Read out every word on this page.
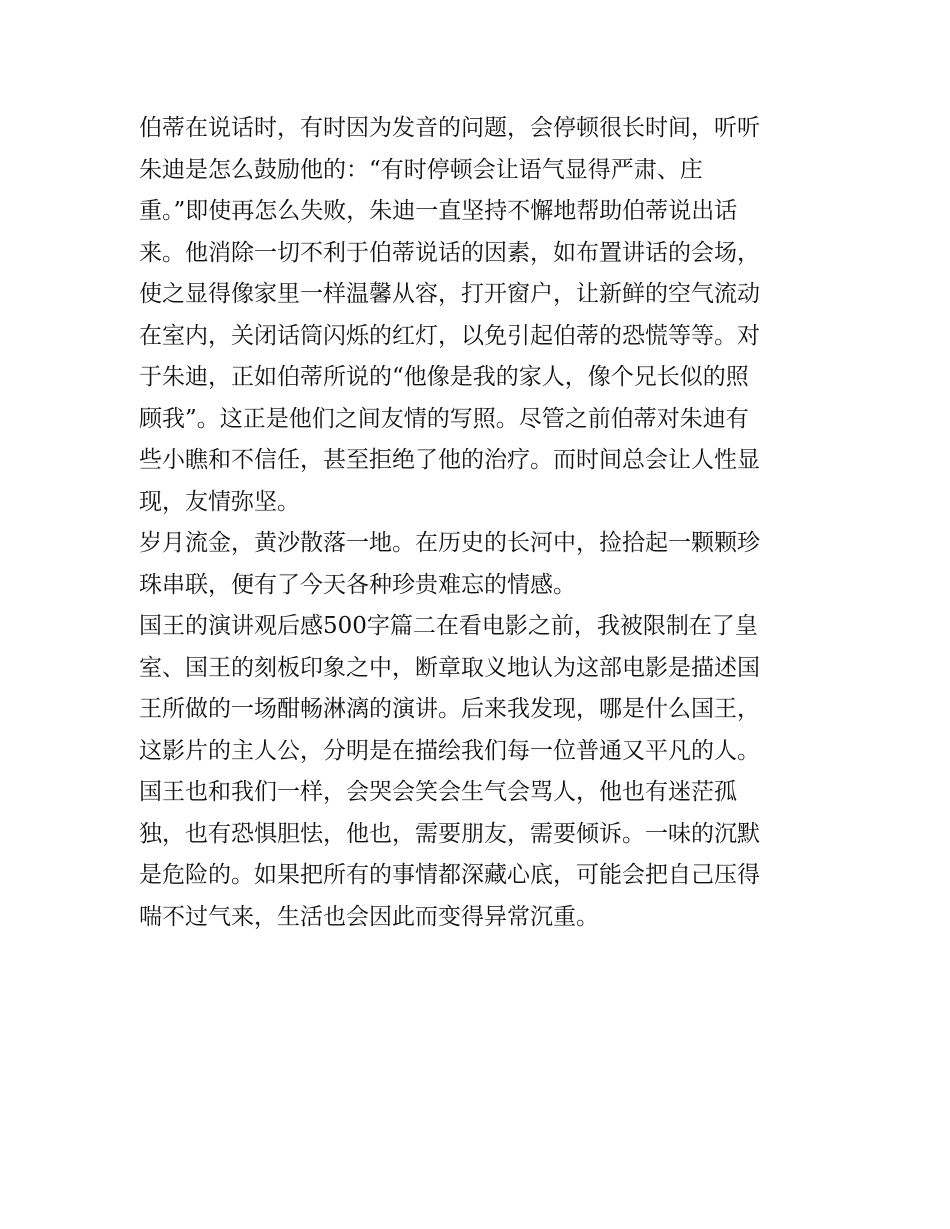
伯蒂在说话时，有时因为发音的问题，会停顿很长时间，听听
朱迪是怎么鼓励他的：“有时停顿会让语气显得严肃、庄
重。”即使再怎么失败，朱迪一直坚持不懈地帮助伯蒂说出话
来。他消除一切不利于伯蒂说话的因素，如布置讲话的会场，
使之显得像家里一样温馨从容，打开窗户，让新鲜的空气流动
在室内，关闭话筒闪烁的红灯，以免引起伯蒂的恐慌等等。对
于朱迪，正如伯蒂所说的“他像是我的家人，像个兄长似的照
顾我”。这正是他们之间友情的写照。尽管之前伯蒂对朱迪有
些小瞧和不信任，甚至拒绝了他的治疗。而时间总会让人性显
现，友情弥坚。
岁月流金，黄沙散落一地。在历史的长河中，捡拾起一颗颗珍
珠串联，便有了今天各种珍贵难忘的情感。
国王的演讲观后感500字篇二在看电影之前，我被限制在了皇
室、国王的刻板印象之中，断章取义地认为这部电影是描述国
王所做的一场酣畅淋漓的演讲。后来我发现，哪是什么国王，
这影片的主人公，分明是在描绘我们每一位普通又平凡的人。
国王也和我们一样，会哭会笑会生气会骂人，他也有迷茫孤
独，也有恐惧胆怯，他也，需要朋友，需要倾诉。一味的沉默
是危险的。如果把所有的事情都深藏心底，可能会把自己压得
喘不过气来，生活也会因此而变得异常沉重。
